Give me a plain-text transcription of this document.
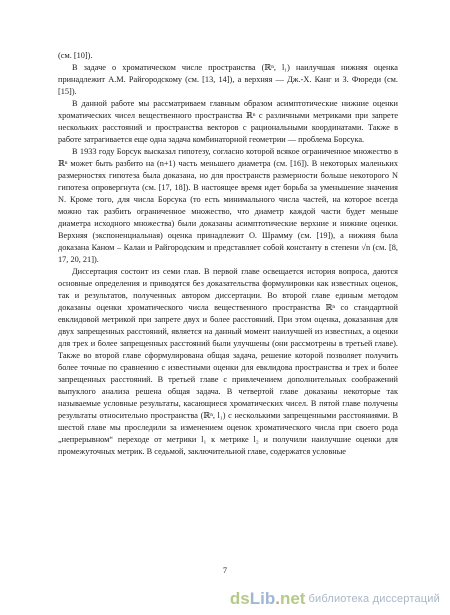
(см. [10]).

В задаче о хроматическом числе пространства (ℝⁿ, l₁) наилучшая нижняя оценка принадлежит А.М. Райгородскому (см. [13, 14]), а верхняя — Дж.-Х. Канг и З. Фюреди (см. [15]).

В данной работе мы рассматриваем главным образом асимптотические нижние оценки хроматических чисел вещественного пространства ℝⁿ с различными метриками при запрете нескольких расстояний и пространства векторов с рациональными координатами. Также в работе затрагивается еще одна задача комбинаторной геометрии — проблема Борсука.

В 1933 году Борсук высказал гипотезу, согласно которой всякое ограниченное множество в ℝⁿ может быть разбито на (n+1) часть меньшего диаметра (см. [16]). В некоторых маленьких размерностях гипотеза была доказана, но для пространств размерности больше некоторого N гипотеза опровергнута (см. [17, 18]). В настоящее время идет борьба за уменьшение значения N. Кроме того, для числа Борсука (то есть минимального числа частей, на которое всегда можно так разбить ограниченное множество, что диаметр каждой части будет меньше диаметра исходного множества) были доказаны асимптотические верхние и нижние оценки. Верхняя (экспоненциальная) оценка принадлежит О. Шрамму (см. [19]), а нижняя была доказана Каном – Калаи и Райгородским и представляет собой константу в степени √n (см. [8, 17, 20, 21]).

Диссертация состоит из семи глав. В первой главе освещается история вопроса, даются основные определения и приводятся без доказательства формулировки как известных оценок, так и результатов, полученных автором диссертации. Во второй главе единым методом доказаны оценки хроматического числа вещественного пространства ℝⁿ со стандартной евклидовой метрикой при запрете двух и более расстояний. При этом оценка, доказанная для двух запрещенных расстояний, является на данный момент наилучшей из известных, а оценки для трех и более запрещенных расстояний были улучшены (они рассмотрены в третьей главе). Также во второй главе сформулирована общая задача, решение которой позволяет получить более точные по сравнению с известными оценки для евклидова пространства и трех и более запрещенных расстояний. В третьей главе с привлечением дополнительных соображений выпуклого анализа решена общая задача. В четвертой главе доказаны некоторые так называемые условные результаты, касающиеся хроматических чисел. В пятой главе получены результаты относительно пространства (ℝⁿ, l₁) с несколькими запрещенными расстояниями. В шестой главе мы проследили за изменением оценок хроматического числа при своего рода „непрерывном“ переходе от метрики l₁ к метрике l₂ и получили наилучшие оценки для промежуточных метрик. В седьмой, заключительной главе, содержатся условные

7
ds Lib . net библиотека диссертаций
